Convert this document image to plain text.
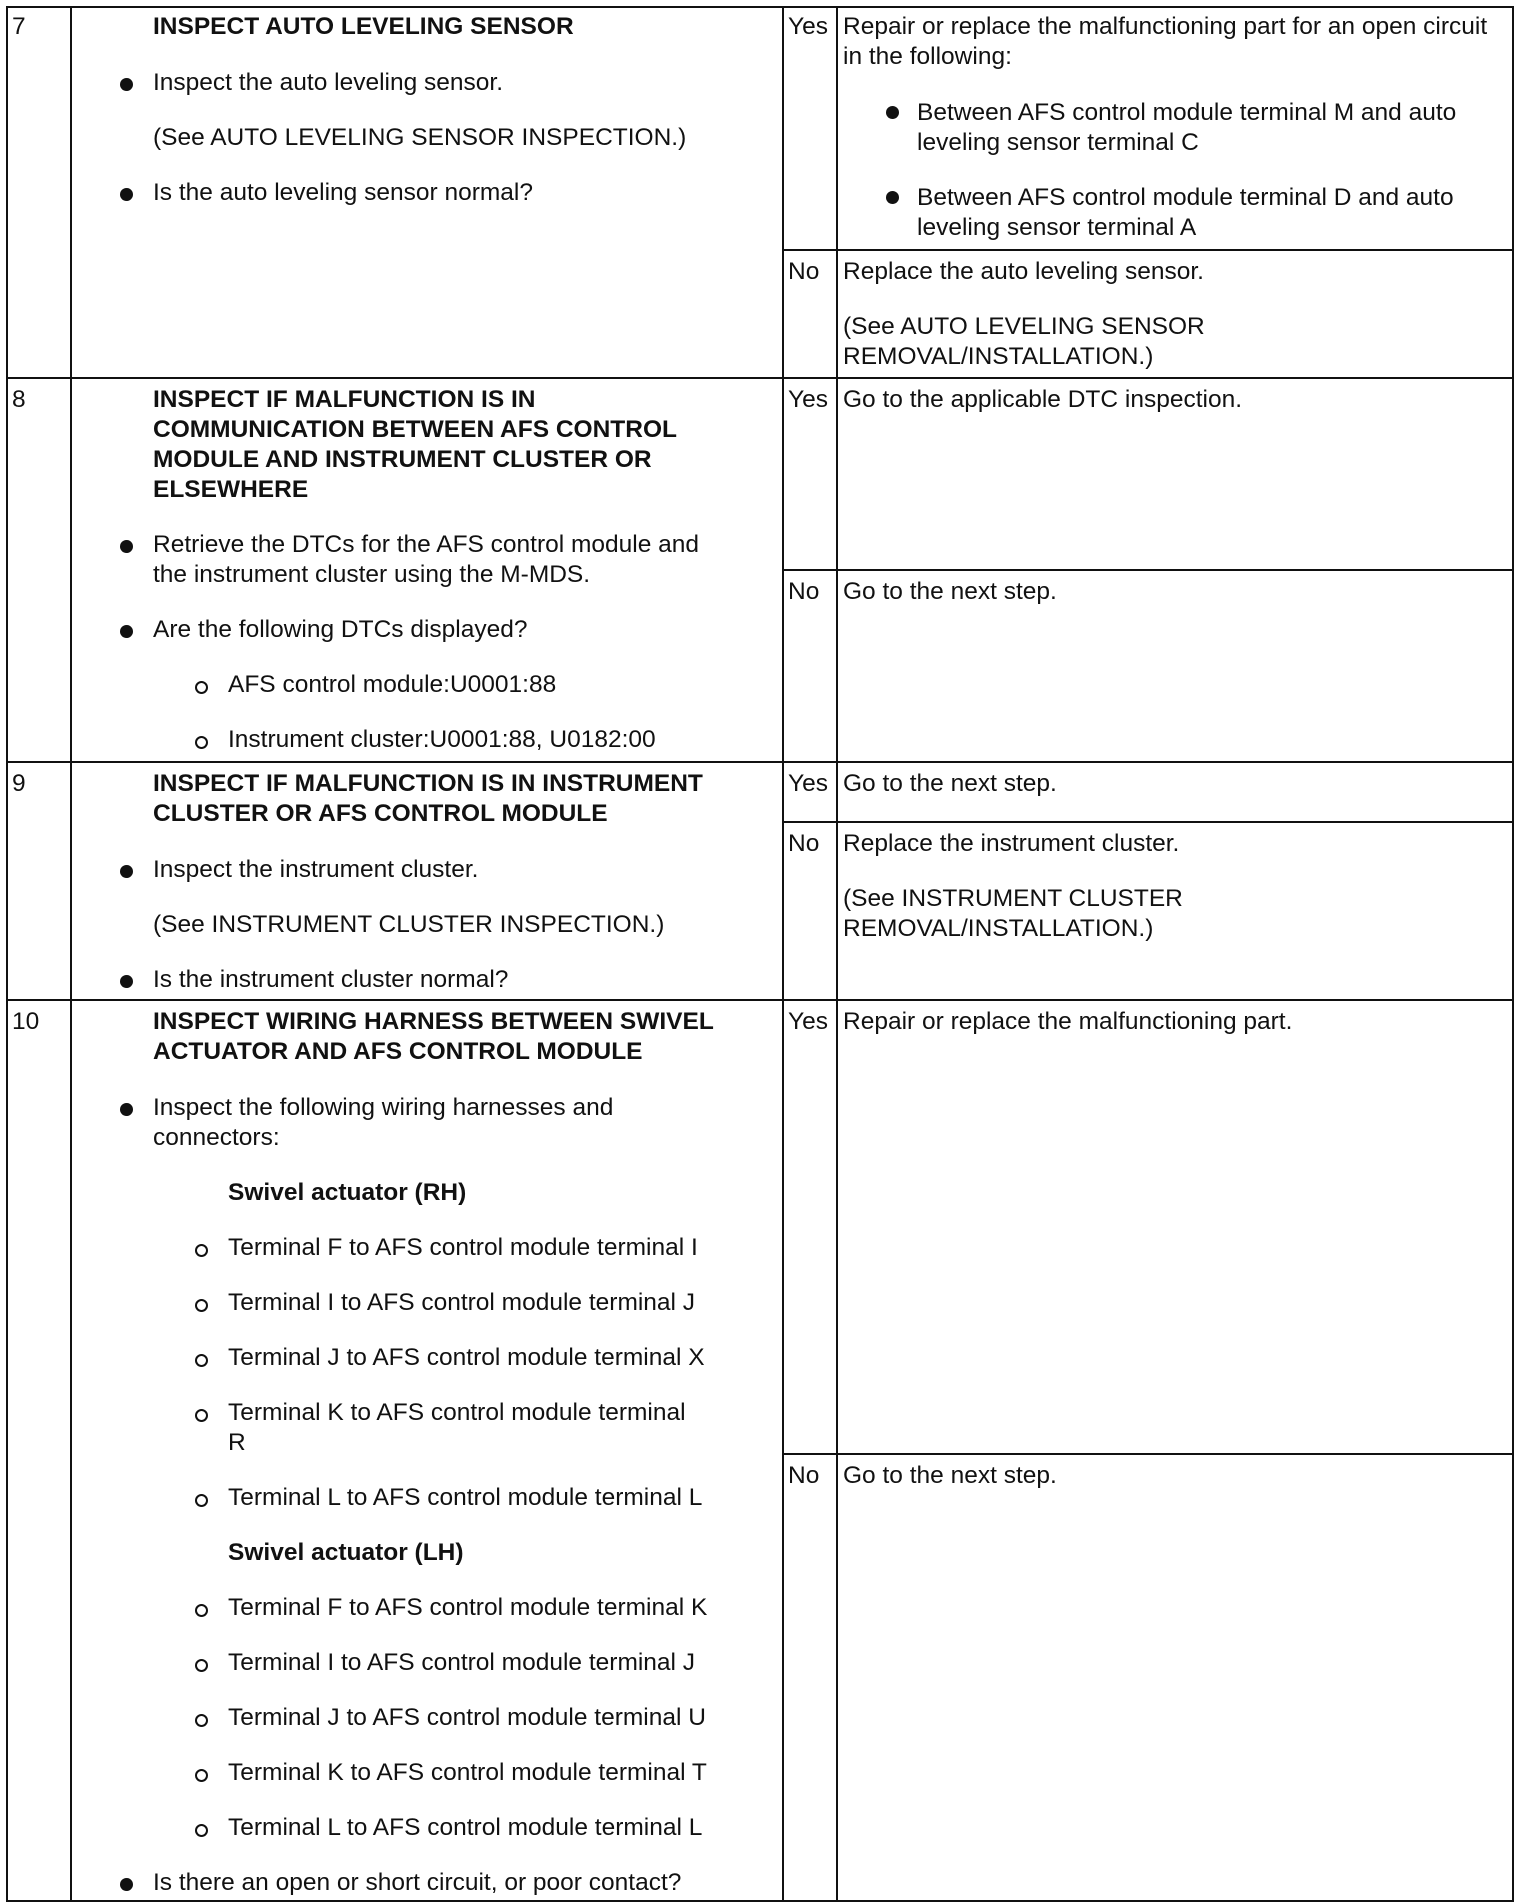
7	INSPECT AUTO LEVELING SENSOR
Inspect the auto leveling sensor.
(See AUTO LEVELING SENSOR INSPECTION.)
Is the auto leveling sensor normal?
Yes Repair or replace the malfunctioning part for an open circuit
in the following:
Between AFS control module terminal M and auto
leveling sensor terminal C
Between AFS control module terminal D and auto
leveling sensor terminal A
No Replace the auto leveling sensor.
(See AUTO LEVELING SENSOR
REMOVAL/INSTALLATION.)
8	INSPECT IF MALFUNCTION IS IN
COMMUNICATION BETWEEN AFS CONTROL
MODULE AND INSTRUMENT CLUSTER OR
ELSEWHERE
Retrieve the DTCs for the AFS control module and
the instrument cluster using the M-MDS.
Are the following DTCs displayed?
AFS control module:U0001:88
Instrument cluster:U0001:88, U0182:00
Yes Go to the applicable DTC inspection.
No Go to the next step.
9	INSPECT IF MALFUNCTION IS IN INSTRUMENT
CLUSTER OR AFS CONTROL MODULE
Inspect the instrument cluster.
(See INSTRUMENT CLUSTER INSPECTION.)
Is the instrument cluster normal?
Yes Go to the next step.
No Replace the instrument cluster.
(See INSTRUMENT CLUSTER
REMOVAL/INSTALLATION.)
10	INSPECT WIRING HARNESS BETWEEN SWIVEL
ACTUATOR AND AFS CONTROL MODULE
Inspect the following wiring harnesses and
connectors:
Swivel actuator (RH)
Terminal F to AFS control module terminal I
Terminal I to AFS control module terminal J
Terminal J to AFS control module terminal X
Terminal K to AFS control module terminal
R
Terminal L to AFS control module terminal L
Swivel actuator (LH)
Terminal F to AFS control module terminal K
Terminal I to AFS control module terminal J
Terminal J to AFS control module terminal U
Terminal K to AFS control module terminal T
Terminal L to AFS control module terminal L
Is there an open or short circuit, or poor contact?
Yes Repair or replace the malfunctioning part.
No Go to the next step.
